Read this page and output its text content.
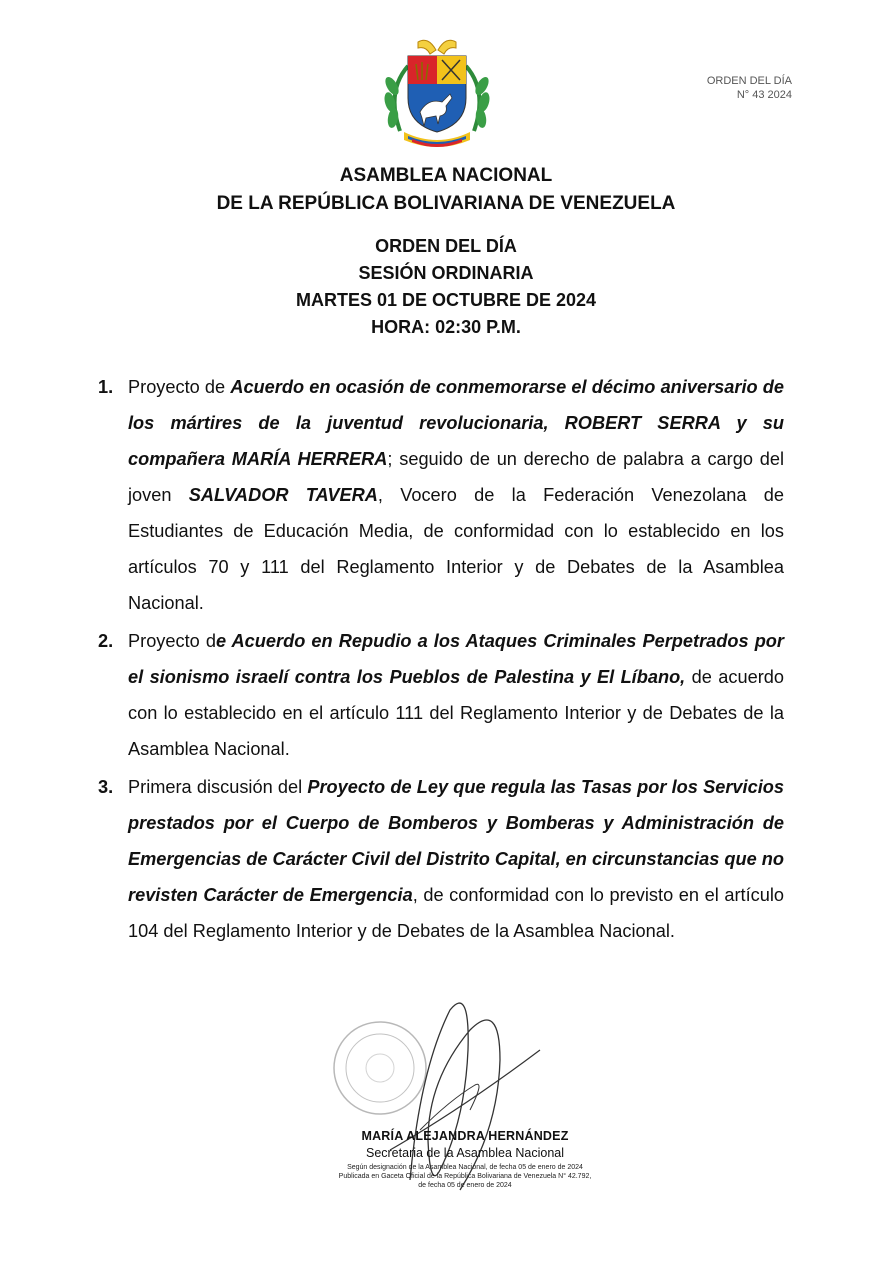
ORDEN DEL DÍA
N° 43 2024
ASAMBLEA NACIONAL
DE LA REPÚBLICA BOLIVARIANA DE VENEZUELA
ORDEN DEL DÍA
SESIÓN ORDINARIA
MARTES 01 DE OCTUBRE DE 2024
HORA: 02:30 P.M.
1. Proyecto de Acuerdo en ocasión de conmemorarse el décimo aniversario de los mártires de la juventud revolucionaria, ROBERT SERRA y su compañera MARÍA HERRERA; seguido de un derecho de palabra a cargo del joven SALVADOR TAVERA, Vocero de la Federación Venezolana de Estudiantes de Educación Media, de conformidad con lo establecido en los artículos 70 y 111 del Reglamento Interior y de Debates de la Asamblea Nacional.
2. Proyecto de Acuerdo en Repudio a los Ataques Criminales Perpetrados por el sionismo israelí contra los Pueblos de Palestina y El Líbano, de acuerdo con lo establecido en el artículo 111 del Reglamento Interior y de Debates de la Asamblea Nacional.
3. Primera discusión del Proyecto de Ley que regula las Tasas por los Servicios prestados por el Cuerpo de Bomberos y Bomberas y Administración de Emergencias de Carácter Civil del Distrito Capital, en circunstancias que no revisten Carácter de Emergencia, de conformidad con lo previsto en el artículo 104 del Reglamento Interior y de Debates de la Asamblea Nacional.
MARÍA ALEJANDRA HERNÁNDEZ
Secretaria de la Asamblea Nacional
Según designación de la Asamblea Nacional, de fecha 05 de enero de 2024
Publicada en Gaceta Oficial de la República Bolivariana de Venezuela N° 42.792,
de fecha 05 de enero de 2024
